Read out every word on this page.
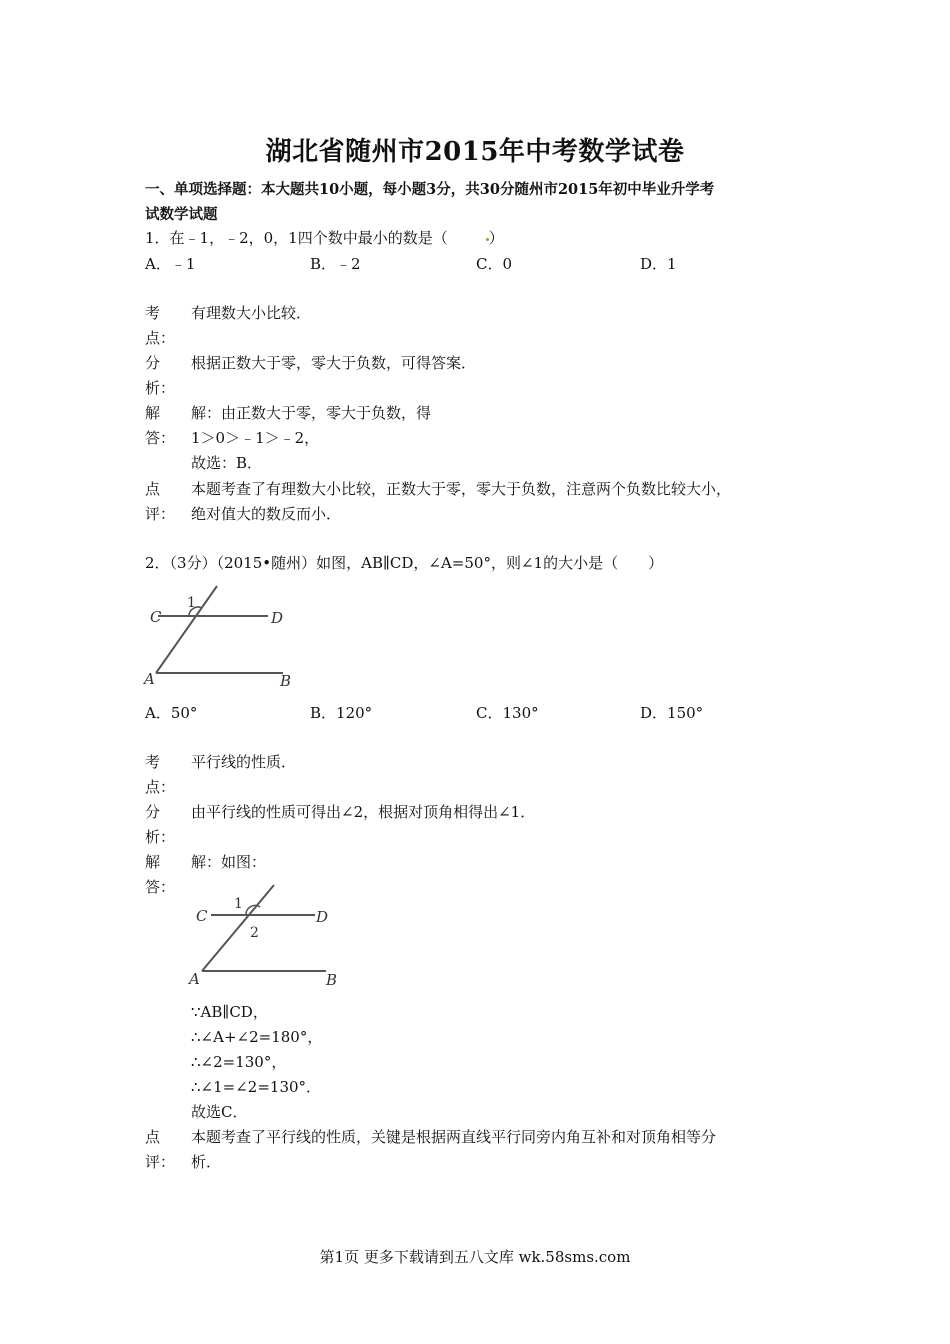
湖北省随州市2015年中考数学试卷
一、单项选择题：本大题共10小题，每小题3分，共30分随州市2015年初中毕业升学考
试数学试题
1．在﹣1，﹣2，0，1四个数中最小的数是（	）
A．﹣1	B．﹣2	C．0	D．1
考
点：
有理数大小比较．
分
析：
根据正数大于零，零大于负数，可得答案．
解
答：
解：由正数大于零，零大于负数，得
1＞0＞﹣1＞﹣2，
故选：B．
点
评：
本题考查了有理数大小比较，正数大于零，零大于负数，注意两个负数比较大小，
绝对值大的数反而小．
2．（3分）（2015•随州）如图，AB∥CD，∠A=50°，则∠1的大小是（　　）
C	D
A	B
1
A．50°	B．120°	C．130°	D．150°
考
点：
平行线的性质．
分
析：
由平行线的性质可得出∠2，根据对顶角相得出∠1．
解
答：
解：如图：
C	D
A	B
1
2
∵AB∥CD，
∴∠A+∠2=180°，
∴∠2=130°，
∴∠1=∠2=130°．
故选C．
点
评：
本题考查了平行线的性质，关键是根据两直线平行同旁内角互补和对顶角相等分
析．
第1页 更多下载请到五八文库 wk.58sms.com
